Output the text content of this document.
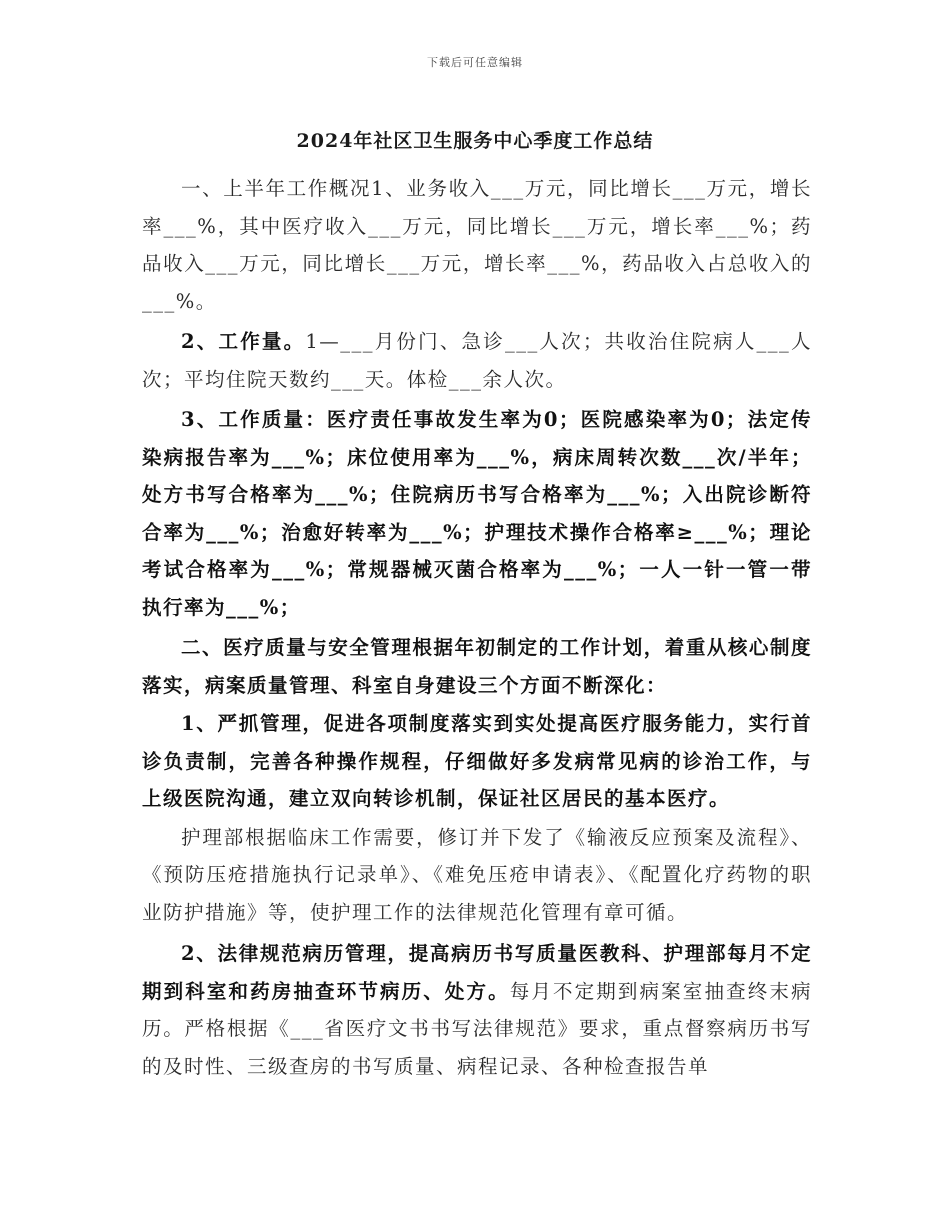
下载后可任意编辑
2024年社区卫生服务中心季度工作总结

一、上半年工作概况1、业务收入___万元，同比增长___万元，增长率___%，其中医疗收入___万元，同比增长___万元，增长率___%；药品收入___万元，同比增长___万元，增长率___%，药品收入占总收入的___%。

2、工作量。1—___月份门、急诊___人次；共收治住院病人___人次；平均住院天数约___天。体检___余人次。

3、工作质量：医疗责任事故发生率为0；医院感染率为0；法定传染病报告率为___%；床位使用率为___%，病床周转次数___次/半年；处方书写合格率为___%；住院病历书写合格率为___%；入出院诊断符合率为___%；治愈好转率为___%；护理技术操作合格率≥___%；理论考试合格率为___%；常规器械灭菌合格率为___%；一人一针一管一带执行率为___%；

二、医疗质量与安全管理根据年初制定的工作计划，着重从核心制度落实，病案质量管理、科室自身建设三个方面不断深化：

1、严抓管理，促进各项制度落实到实处提高医疗服务能力，实行首诊负责制，完善各种操作规程，仔细做好多发病常见病的诊治工作，与上级医院沟通，建立双向转诊机制，保证社区居民的基本医疗。

护理部根据临床工作需要，修订并下发了《输液反应预案及流程》、《预防压疮措施执行记录单》、《难免压疮申请表》、《配置化疗药物的职业防护措施》等，使护理工作的法律规范化管理有章可循。

2、法律规范病历管理，提高病历书写质量医教科、护理部每月不定期到科室和药房抽查环节病历、处方。每月不定期到病案室抽查终末病历。严格根据《___省医疗文书书写法律规范》要求，重点督察病历书写的及时性、三级查房的书写质量、病程记录、各种检查报告单
